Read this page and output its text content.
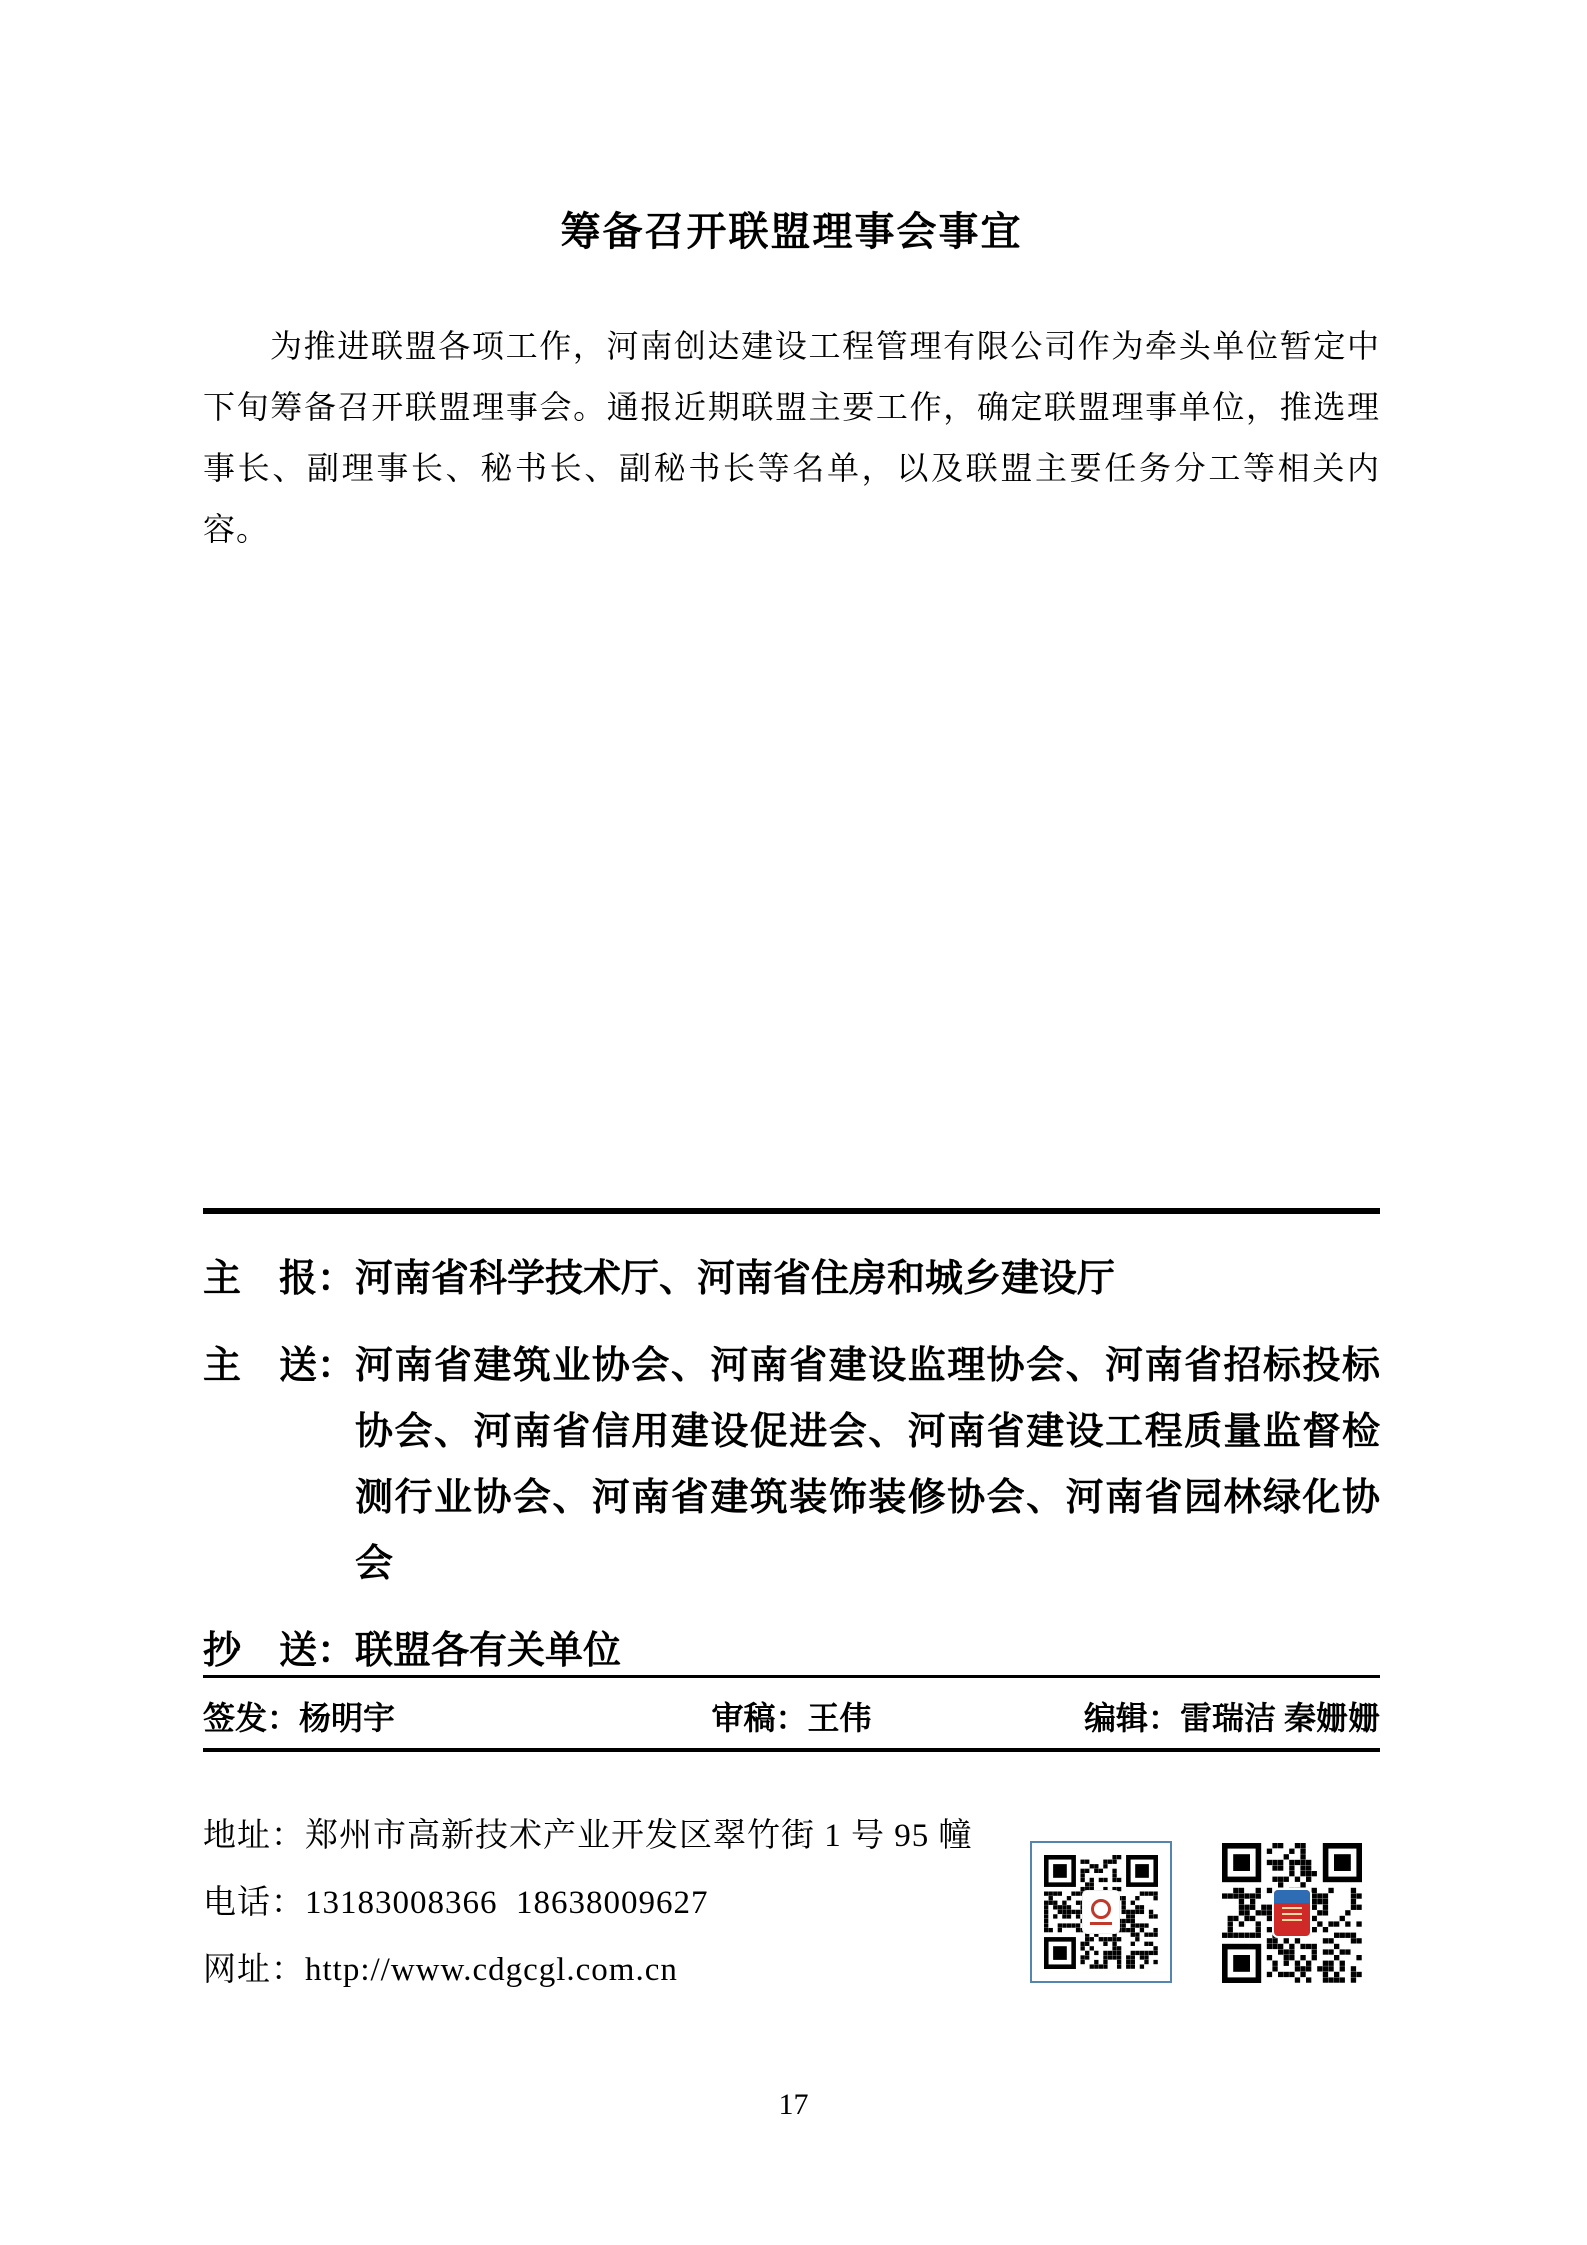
筹备召开联盟理事会事宜
为推进联盟各项工作，河南创达建设工程管理有限公司作为牵头单位暂定中下旬筹备召开联盟理事会。通报近期联盟主要工作，确定联盟理事单位，推选理事长、副理事长、秘书长、副秘书长等名单，以及联盟主要任务分工等相关内容。
主　报： 河南省科学技术厅、河南省住房和城乡建设厅
主　送： 河南省建筑业协会、河南省建设监理协会、河南省招标投标协会、河南省信用建设促进会、河南省建设工程质量监督检测行业协会、河南省建筑装饰装修协会、河南省园林绿化协会
抄　送： 联盟各有关单位
签发：杨明宇	审稿：王伟	编辑：雷瑞洁 秦姗姗
地址：郑州市高新技术产业开发区翠竹街 1 号 95 幢
电话：13183008366  18638009627
网址：http://www.cdgcgl.com.cn
17
